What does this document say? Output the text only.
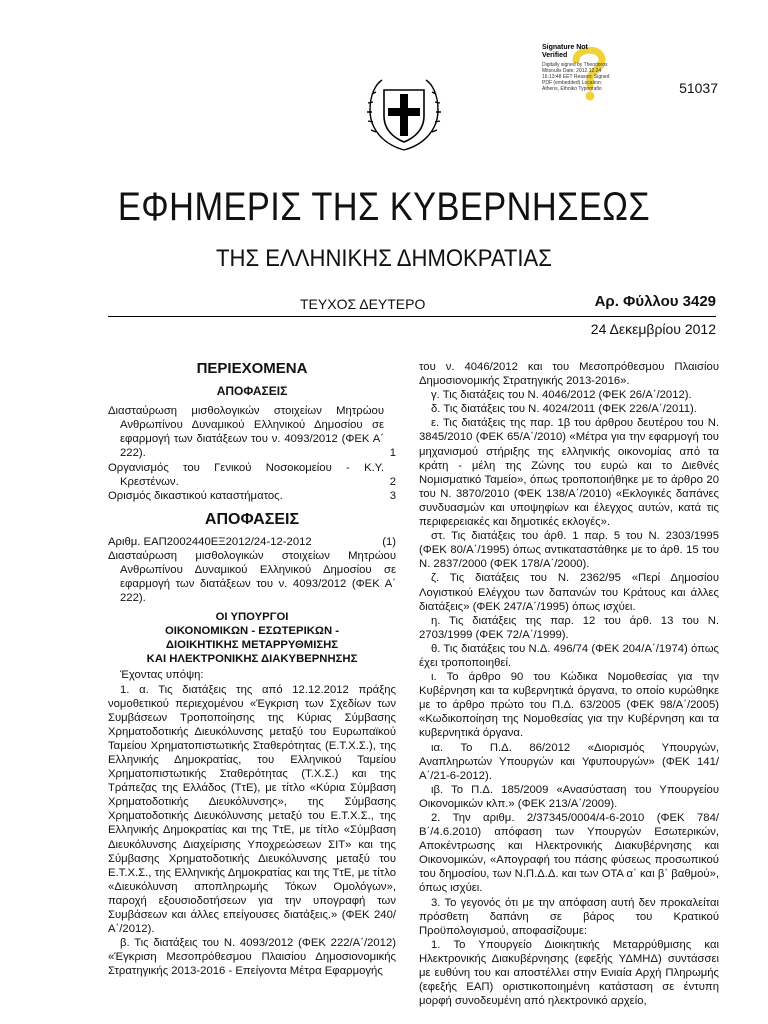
Signature Not
Verified
Digitally signed by Theodoros Mitsoulis Date: 2012.12.24 16:13:48 EET Reason: Signed PDF (embedded) Location: Athens, Ethniko Typografio	51037
ΕΦΗΜΕΡΙΣ ΤΗΣ ΚΥΒΕΡΝΗΣΕΩΣ
ΤΗΣ ΕΛΛΗΝΙΚΗΣ ΔΗΜΟΚΡΑΤΙΑΣ
ΤΕΥΧΟΣ ΔΕΥΤΕΡΟ	Αρ. Φύλλου 3429
24 Δεκεμβρίου 2012

ΠΕΡΙΕΧΟΜΕΝΑ

ΑΠΟΦΑΣΕΙΣ

Διασταύρωση μισθολογικών στοιχείων Μητρώου Ανθρωπίνου Δυναμικού Ελληνικού Δημοσίου σε εφαρμογή των διατάξεων του ν. 4093/2012 (ΦΕΚ Α΄ 222).	1

Οργανισμός του Γενικού Νοσοκομείου - Κ.Υ. Κρεστένων.	2

Ορισμός δικαστικού καταστήματος.	3

ΑΠΟΦΑΣΕΙΣ

Αριθμ. ΕΑΠ2002440ΕΞ2012/24-12-2012	(1)

Διασταύρωση μισθολογικών στοιχείων Μητρώου Ανθρωπίνου Δυναμικού Ελληνικού Δημοσίου σε εφαρμογή των διατάξεων του ν. 4093/2012 (ΦΕΚ Α΄ 222).

ΟΙ ΥΠΟΥΡΓΟΙ
ΟΙΚΟΝΟΜΙΚΩΝ - ΕΣΩΤΕΡΙΚΩΝ -
ΔΙΟΙΚΗΤΙΚΗΣ ΜΕΤΑΡΡΥΘΜΙΣΗΣ
ΚΑΙ ΗΛΕΚΤΡΟΝΙΚΗΣ ΔΙΑΚΥΒΕΡΝΗΣΗΣ

Έχοντας υπόψη:

1. α. Τις διατάξεις της από 12.12.2012 πράξης νομοθετικού περιεχομένου «Έγκριση των Σχεδίων των Συμβάσεων Τροποποίησης της Κύριας Σύμβασης Χρηματοδοτικής Διευκόλυνσης μεταξύ του Ευρωπαϊκού Ταμείου Χρηματοπιστωτικής Σταθερότητας (Ε.Τ.Χ.Σ.), της Ελληνικής Δημοκρατίας, του Ελληνικού Ταμείου Χρηματοπιστωτικής Σταθερότητας (Τ.Χ.Σ.) και της Τράπεζας της Ελλάδος (ΤτΕ), με τίτλο «Κύρια Σύμβαση Χρηματοδοτικής Διευκόλυνσης», της Σύμβασης Χρηματοδοτικής Διευκόλυνσης μεταξύ του Ε.Τ.Χ.Σ., της Ελληνικής Δημοκρατίας και της ΤτΕ, με τίτλο «Σύμβαση Διευκόλυνσης Διαχείρισης Υποχρεώσεων ΣΙΤ» και της Σύμβασης Χρηματοδοτικής Διευκόλυνσης μεταξύ του Ε.Τ.Χ.Σ., της Ελληνικής Δημοκρατίας και της ΤτΕ, με τίτλο «Διευκόλυνση αποπληρωμής Τόκων Ομολόγων», παροχή εξουσιοδοτήσεων για την υπογραφή των Συμβάσεων και άλλες επείγουσες διατάξεις.» (ΦΕΚ 240/Α΄/2012).

β. Τις διατάξεις του Ν. 4093/2012 (ΦΕΚ 222/Α΄/2012) «Έγκριση Μεσοπρόθεσμου Πλαισίου Δημοσιονομικής Στρατηγικής 2013-2016 - Επείγοντα Μέτρα Εφαρμογής

του ν. 4046/2012 και του Μεσοπρόθεσμου Πλαισίου Δημοσιονομικής Στρατηγικής 2013-2016».

γ. Τις διατάξεις του Ν. 4046/2012 (ΦΕΚ 26/Α΄/2012).

δ. Τις διατάξεις του Ν. 4024/2011 (ΦΕΚ 226/Α΄/2011).

ε. Τις διατάξεις της παρ. 1β του άρθρου δευτέρου του Ν. 3845/2010 (ΦΕΚ 65/Α΄/2010) «Μέτρα για την εφαρμογή του μηχανισμού στήριξης της ελληνικής οικονομίας από τα κράτη - μέλη της Ζώνης του ευρώ και το Διεθνές Νομισματικό Ταμείο», όπως τροποποιήθηκε με το άρθρο 20 του Ν. 3870/2010 (ΦΕΚ 138/Α΄/2010) «Εκλογικές δαπάνες συνδυασμών και υποψηφίων και έλεγχος αυτών, κατά τις περιφερειακές και δημοτικές εκλογές».

στ. Τις διατάξεις του άρθ. 1 παρ. 5 του Ν. 2303/1995 (ΦΕΚ 80/Α΄/1995) όπως αντικαταστάθηκε με το άρθ. 15 του Ν. 2837/2000 (ΦΕΚ 178/Α΄/2000).

ζ. Τις διατάξεις του Ν. 2362/95 «Περί Δημοσίου Λογιστικού Ελέγχου των δαπανών του Κράτους και άλλες διατάξεις» (ΦΕΚ 247/Α΄/1995) όπως ισχύει.

η. Τις διατάξεις της παρ. 12 του άρθ. 13 του Ν. 2703/1999 (ΦΕΚ 72/Α΄/1999).

θ. Τις διατάξεις του Ν.Δ. 496/74 (ΦΕΚ 204/Α΄/1974) όπως έχει τροποποιηθεί.

ι. Το άρθρο 90 του Κώδικα Νομοθεσίας για την Κυβέρνηση και τα κυβερνητικά όργανα, το οποίο κυρώθηκε με το άρθρο πρώτο του Π.Δ. 63/2005 (ΦΕΚ 98/Α΄/2005) «Κωδικοποίηση της Νομοθεσίας για την Κυβέρνηση και τα κυβερνητικά όργανα.

ια. Το Π.Δ. 86/2012 «Διορισμός Υπουργών, Αναπληρωτών Υπουργών και Υφυπουργών» (ΦΕΚ 141/Α΄/21-6-2012).

ιβ. Το Π.Δ. 185/2009 «Ανασύσταση του Υπουργείου Οικονομικών κλπ.» (ΦΕΚ 213/Α΄/2009).

2. Την αριθμ. 2/37345/0004/4-6-2010 (ΦΕΚ 784/Β΄/4.6.2010) απόφαση των Υπουργών Εσωτερικών, Αποκέντρωσης και Ηλεκτρονικής Διακυβέρνησης και Οικονομικών, «Απογραφή του πάσης φύσεως προσωπικού του δημοσίου, των Ν.Π.Δ.Δ. και των ΟΤΑ α΄ και β΄ βαθμού», όπως ισχύει.

3. Το γεγονός ότι με την απόφαση αυτή δεν προκαλείται πρόσθετη δαπάνη σε βάρος του Κρατικού Προϋπολογισμού, αποφασίζουμε:

1. Το Υπουργείο Διοικητικής Μεταρρύθμισης και Ηλεκτρονικής Διακυβέρνησης (εφεξής ΥΔΜΗΔ) συντάσσει με ευθύνη του και αποστέλλει στην Ενιαία Αρχή Πληρωμής (εφεξής ΕΑΠ) οριστικοποιημένη κατάσταση σε έντυπη μορφή συνοδευμένη από ηλεκτρονικό αρχείο,
